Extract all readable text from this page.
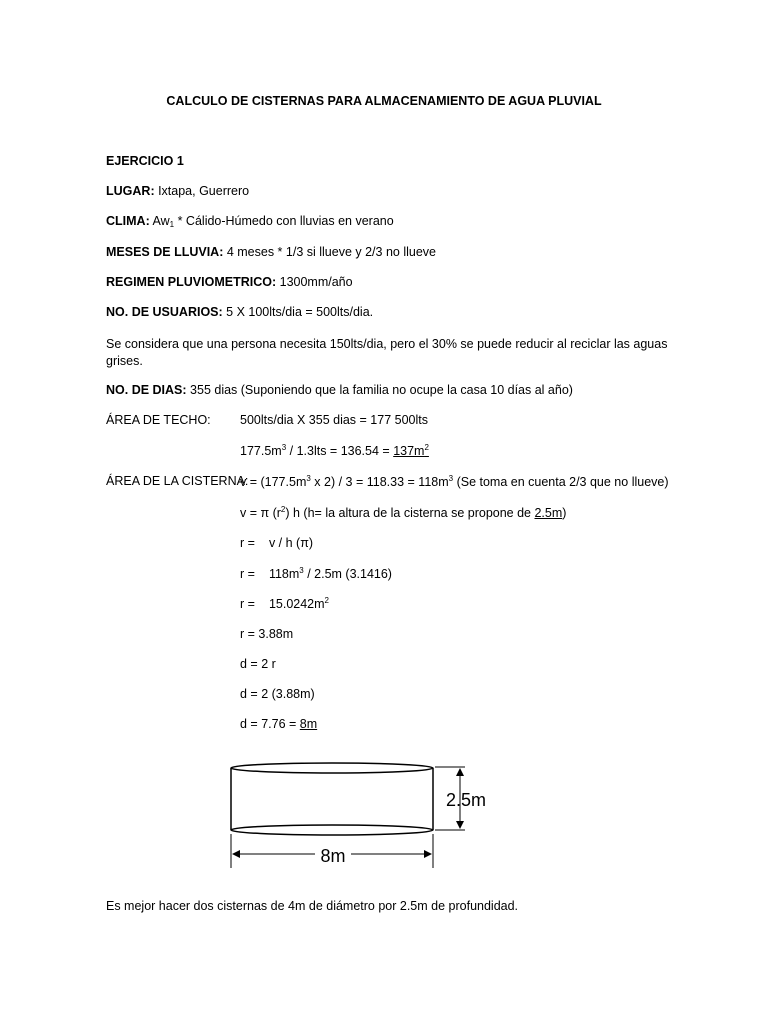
CALCULO DE CISTERNAS PARA ALMACENAMIENTO DE AGUA PLUVIAL
EJERCICIO 1
LUGAR: Ixtapa, Guerrero
CLIMA: $Aw_1$ * Cálido-Húmedo con lluvias en verano
MESES DE LLUVIA: 4 meses * 1/3 si llueve y 2/3 no llueve
REGIMEN PLUVIOMETRICO: 1300mm/año
NO. DE USUARIOS: 5 X 100lts/dia = 500lts/dia.
Se considera que una persona necesita 150lts/dia, pero el 30% se puede reducir al reciclar las aguas grises.
NO. DE DIAS: 355 dias (Suponiendo que la familia no ocupe la casa 10 días al año)
ÁREA DE TECHO: 500lts/dia X 355 dias = 177 500lts
$177.5m^3 / 1.3lts = 136.54 = 137m^2$
ÁREA DE LA CISTERNA:
$v = (177.5m^3$ x $2) / 3 = 118.33 = 118m^3$ (Se toma en cuenta 2/3 que no llueve)
v = π $(r^2)$ h (h= la altura de la cisterna se propone de 2.5m)
r = v / h (π)
$r = 118m^3 / 2.5m$ (3.1416)
$r = 15.0242m^2$
r = 3.88m
d = 2 r
d = 2 (3.88m)
d = 7.76 = 8m
2.5m
8m
Es mejor hacer dos cisternas de 4m de diámetro por 2.5m de profundidad.
